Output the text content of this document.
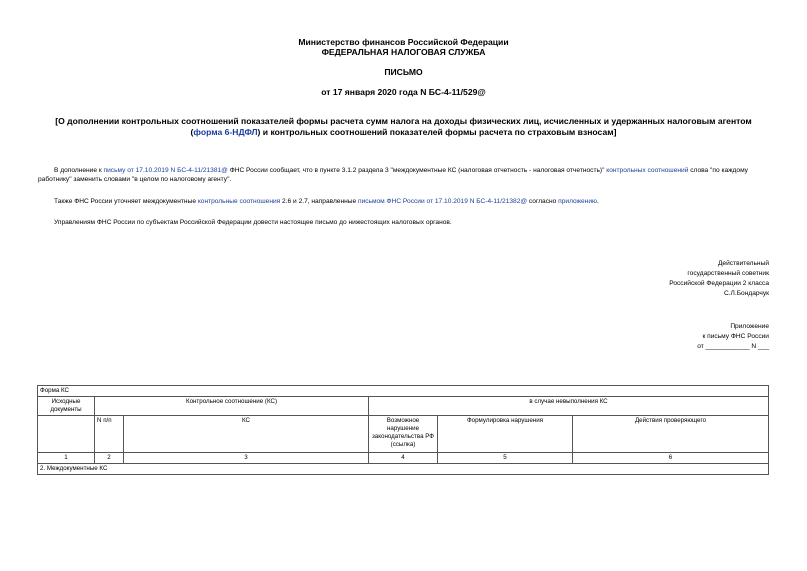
Министерство финансов Российской Федерации
ФЕДЕРАЛЬНАЯ НАЛОГОВАЯ СЛУЖБА
ПИСЬМО
от 17 января 2020 года N БС-4-11/529@
[О дополнении контрольных соотношений показателей формы расчета сумм налога на доходы физических лиц, исчисленных и удержанных налоговым агентом (форма 6-НДФЛ) и контрольных соотношений показателей формы расчета по страховым взносам]
В дополнение к письму от 17.10.2019 N БС-4-11/21381@ ФНС России сообщает, что в пункте 3.1.2 раздела 3 "междокументные КС (налоговая отчетность - налоговая отчетность)" контрольных соотношений слова "по каждому работнику" заменить словами "в целом по налоговому агенту".
Также ФНС России уточняет междокументные контрольные соотношения 2.6 и 2.7, направленные письмом ФНС России от 17.10.2019 N БС-4-11/21382@ согласно приложению.
Управлениям ФНС России по субъектам Российской Федерации довести настоящее письмо до нижестоящих налоговых органов.
Действительный
государственный советник
Российской Федерации 2 класса
С.Л.Бондарчук
Приложение
к письму ФНС России
от ____________ N ___
Форма КС					
Исходные документы	Контрольное соотношение (КС)		в случае невыполнения КС		
	N п/п	КС	Возможное нарушение законодательства РФ (ссылка)	Формулировка нарушения	Действия проверяющего
1	2	3	4	5	6
2. Междокументные КС					
